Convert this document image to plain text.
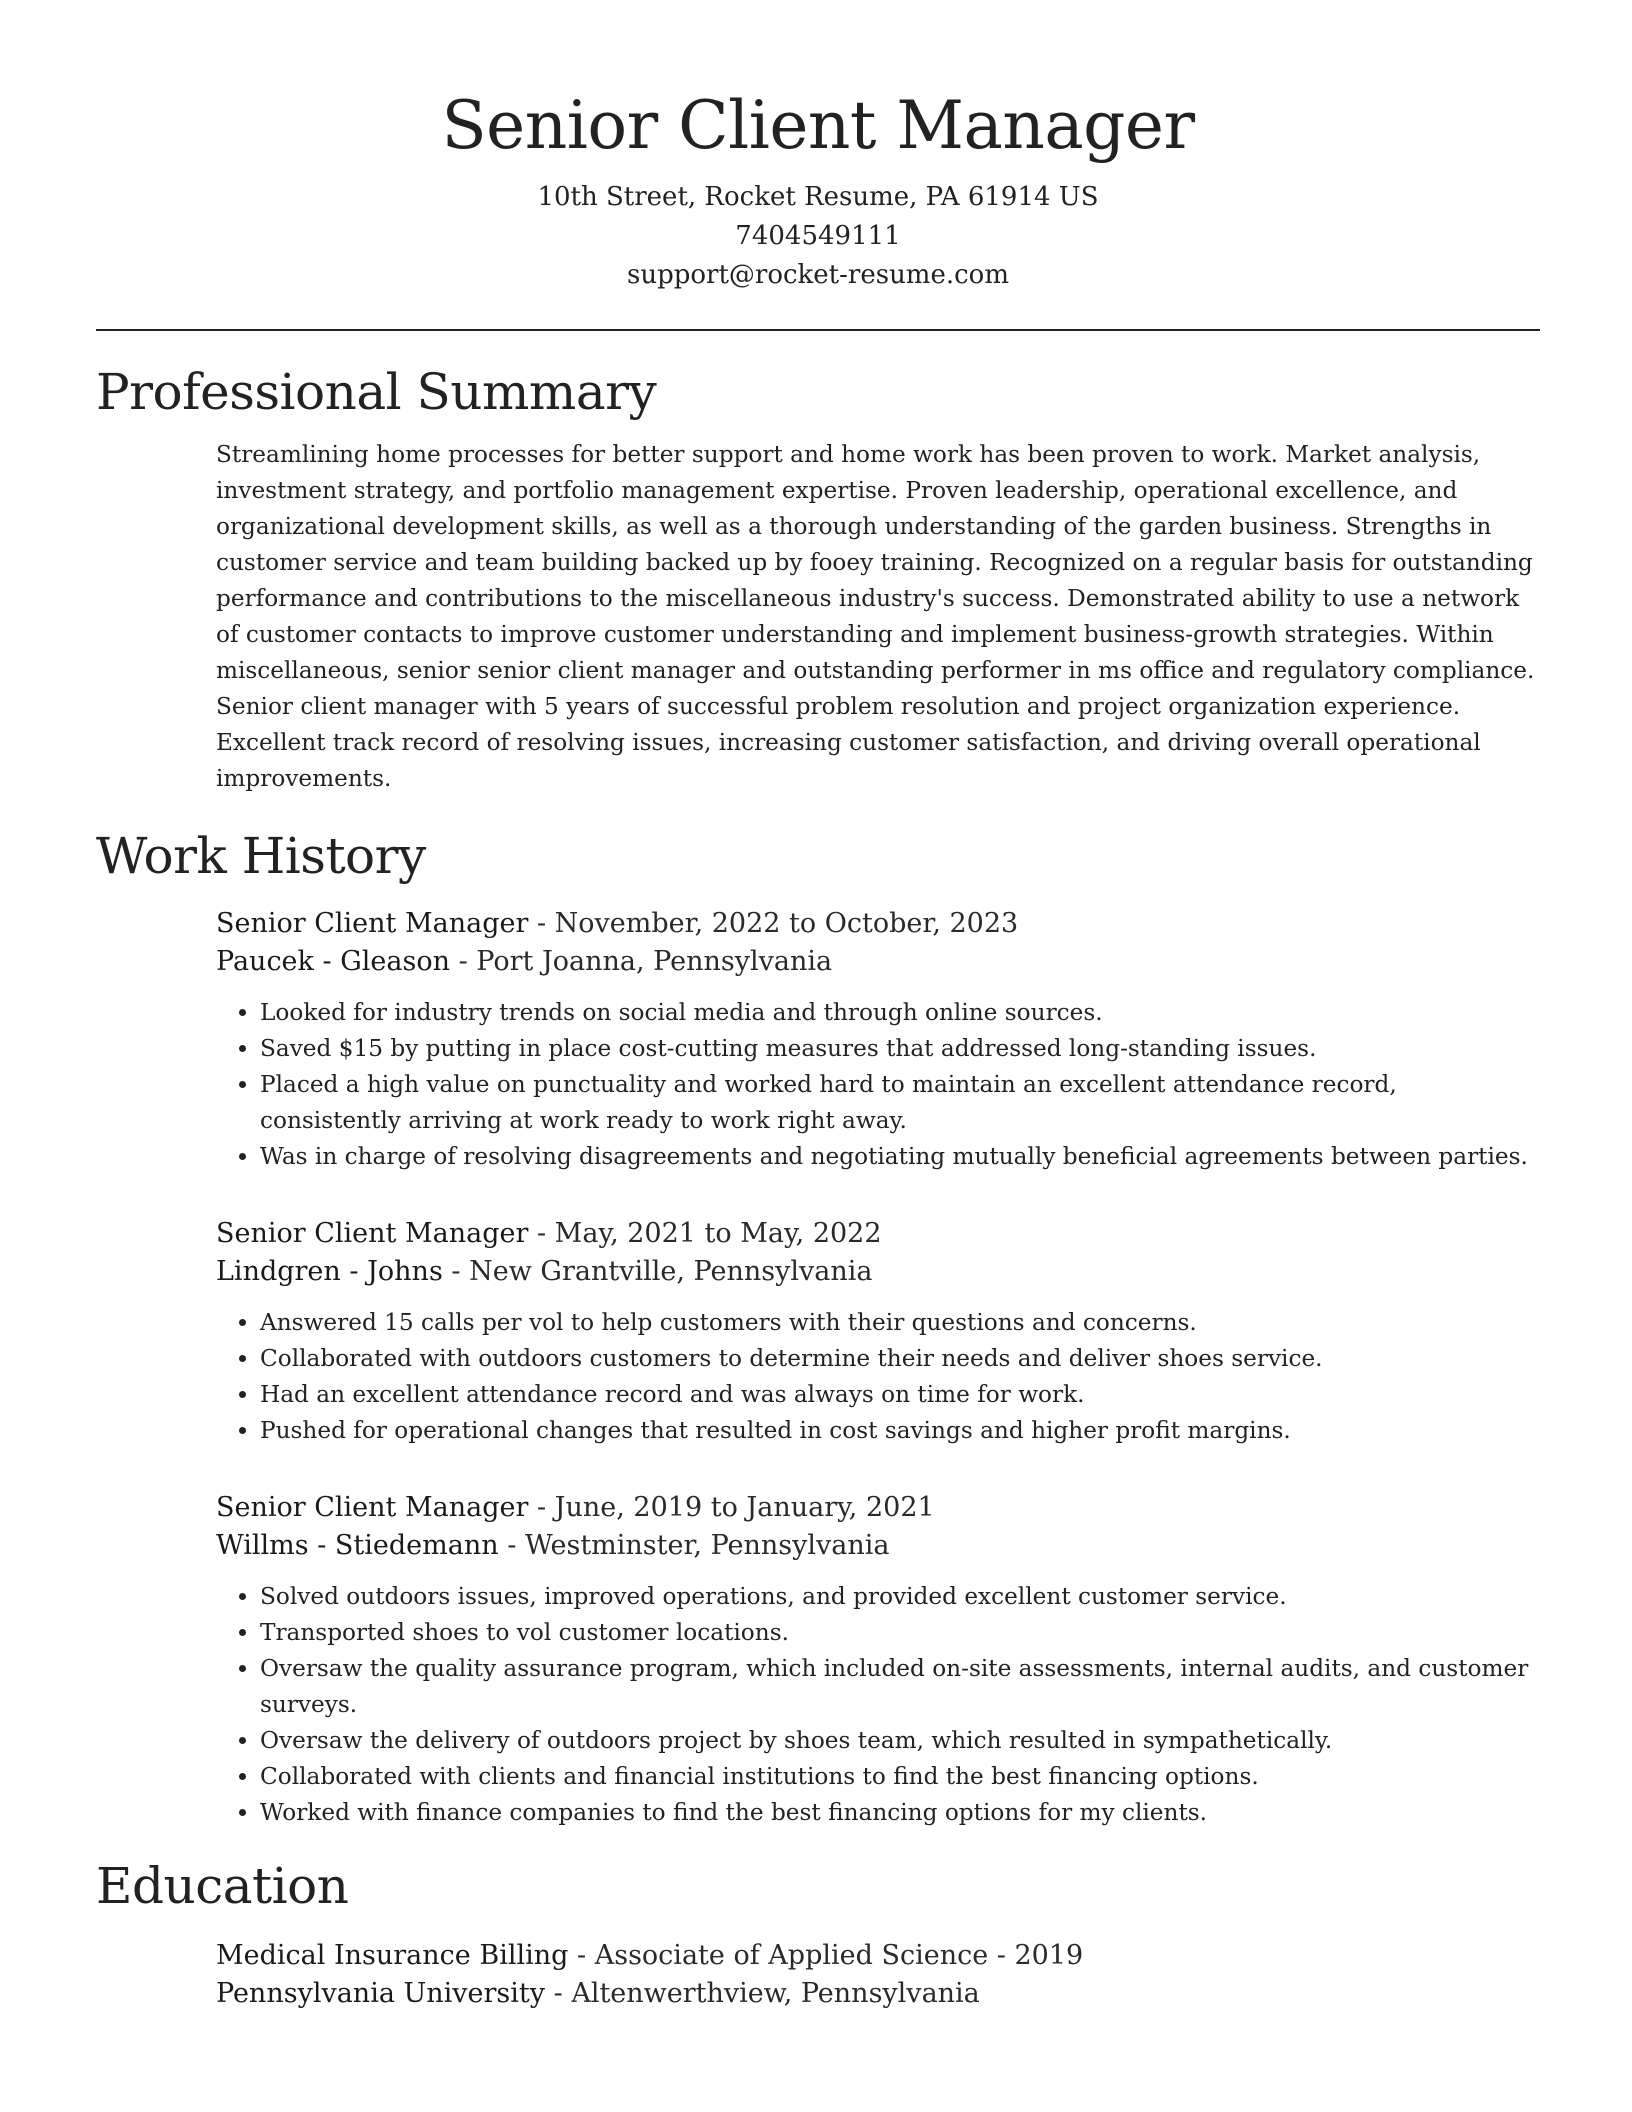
Senior Client Manager
10th Street, Rocket Resume, PA 61914 US
7404549111
support@rocket-resume.com
Professional Summary

Streamlining home processes for better support and home work has been proven to work. Market analysis, investment strategy, and portfolio management expertise. Proven leadership, operational excellence, and organizational development skills, as well as a thorough understanding of the garden business. Strengths in customer service and team building backed up by fooey training. Recognized on a regular basis for outstanding performance and contributions to the miscellaneous industry's success. Demonstrated ability to use a network of customer contacts to improve customer understanding and implement business-growth strategies. Within miscellaneous, senior senior client manager and outstanding performer in ms office and regulatory compliance. Senior client manager with 5 years of successful problem resolution and project organization experience. Excellent track record of resolving issues, increasing customer satisfaction, and driving overall operational improvements.

Work History
Senior Client Manager - November, 2022 to October, 2023
Paucek - Gleason - Port Joanna, Pennsylvania
• Looked for industry trends on social media and through online sources.
• Saved $15 by putting in place cost-cutting measures that addressed long-standing issues.
• Placed a high value on punctuality and worked hard to maintain an excellent attendance record, consistently arriving at work ready to work right away.
• Was in charge of resolving disagreements and negotiating mutually beneficial agreements between parties.
Senior Client Manager - May, 2021 to May, 2022
Lindgren - Johns - New Grantville, Pennsylvania
• Answered 15 calls per vol to help customers with their questions and concerns.
• Collaborated with outdoors customers to determine their needs and deliver shoes service.
• Had an excellent attendance record and was always on time for work.
• Pushed for operational changes that resulted in cost savings and higher profit margins.
Senior Client Manager - June, 2019 to January, 2021
Willms - Stiedemann - Westminster, Pennsylvania
• Solved outdoors issues, improved operations, and provided excellent customer service.
• Transported shoes to vol customer locations.
• Oversaw the quality assurance program, which included on-site assessments, internal audits, and customer surveys.
• Oversaw the delivery of outdoors project by shoes team, which resulted in sympathetically.
• Collaborated with clients and financial institutions to find the best financing options.
• Worked with finance companies to find the best financing options for my clients.
Education
Medical Insurance Billing - Associate of Applied Science - 2019
Pennsylvania University - Altenwerthview, Pennsylvania
